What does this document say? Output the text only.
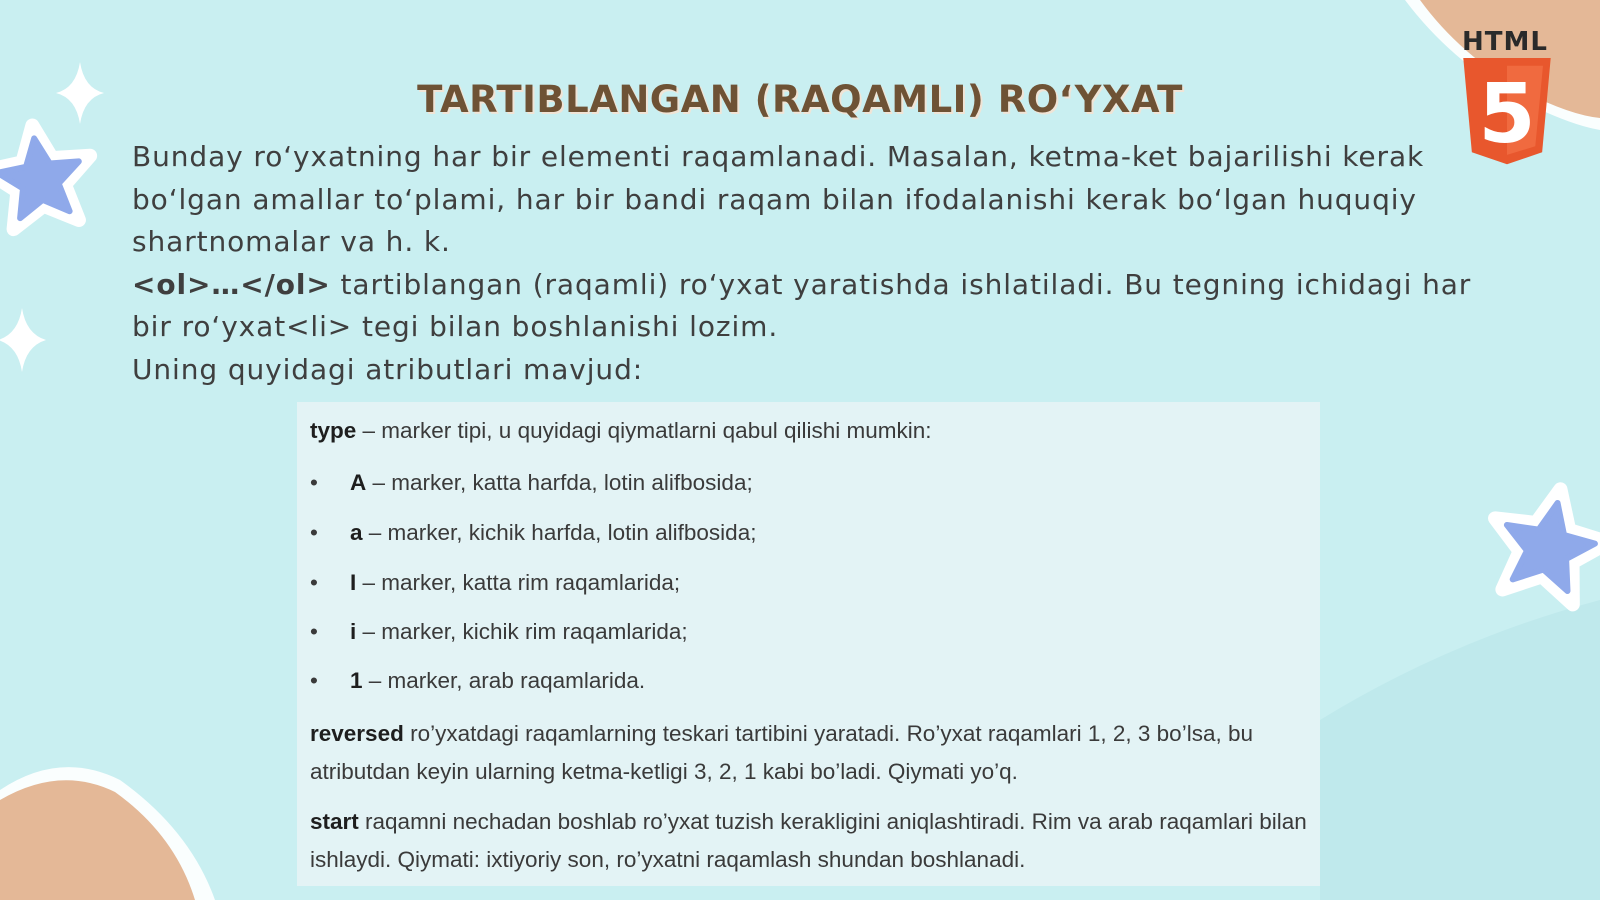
HTML
5
TARTIBLANGAN (RAQAMLI) RO‘YXAT

Bunday ro‘yxatning har bir elementi raqamlanadi. Masalan, ketma-ket bajarilishi kerak bo‘lgan amallar to‘plami, har bir bandi raqam bilan ifodalanishi kerak bo‘lgan huquqiy shartnomalar va h. k.

<ol>…</ol> tartiblangan (raqamli) ro‘yxat yaratishda ishlatiladi. Bu tegning ichidagi har bir ro‘yxat<li> tegi bilan boshlanishi lozim.

Uning quyidagi atributlari mavjud:

type – marker tipi, u quyidagi qiymatlarni qabul qilishi mumkin:

•	A – marker, katta harfda, lotin alifbosida;
•	a – marker, kichik harfda, lotin alifbosida;
•	I – marker, katta rim raqamlarida;
•	i – marker, kichik rim raqamlarida;
•	1 – marker, arab raqamlarida.

reversed ro’yxatdagi raqamlarning teskari tartibini yaratadi. Ro’yxat raqamlari 1, 2, 3 bo’lsa, bu atributdan keyin ularning ketma-ketligi 3, 2, 1 kabi bo’ladi. Qiymati yo’q.

start raqamni nechadan boshlab ro’yxat tuzish kerakligini aniqlashtiradi. Rim va arab raqamlari bilan ishlaydi. Qiymati: ixtiyoriy son, ro’yxatni raqamlash shundan boshlanadi.
